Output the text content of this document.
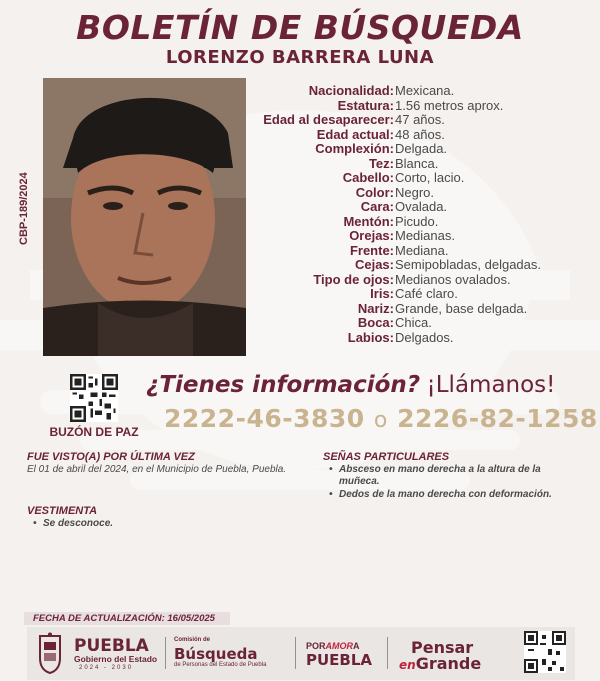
BOLETÍN DE BÚSQUEDA
LORENZO BARRERA LUNA
CBP-189/2024
Nacionalidad: Mexicana.
Estatura: 1.56 metros aprox.
Edad al desaparecer: 47 años.
Edad actual: 48 años.
Complexión: Delgada.
Tez: Blanca.
Cabello: Corto, lacio.
Color: Negro.
Cara: Ovalada.
Mentón: Picudo.
Orejas: Medianas.
Frente: Mediana.
Cejas: Semipobladas, delgadas.
Tipo de ojos: Medianos ovalados.
Iris: Café claro.
Nariz: Grande, base delgada.
Boca: Chica.
Labios: Delgados.
BUZÓN DE PAZ
¿Tienes información? ¡Llámanos!
2222-46-3830 o 2226-82-1258
FUE VISTO(A) POR ÚLTIMA VEZ
El 01 de abril del 2024, en el Municipio de Puebla, Puebla.
VESTIMENTA
• Se desconoce.
SEÑAS PARTICULARES
• Absceso en mano derecha a la altura de la muñeca.
• Dedos de la mano derecha con deformación.
FECHA DE ACTUALIZACIÓN: 16/05/2025
PUEBLA
Gobierno del Estado
2024 - 2030
Comisión de
Búsqueda
de Personas del Estado de Puebla
PORAMORA
PUEBLA
Pensar
enGrande
